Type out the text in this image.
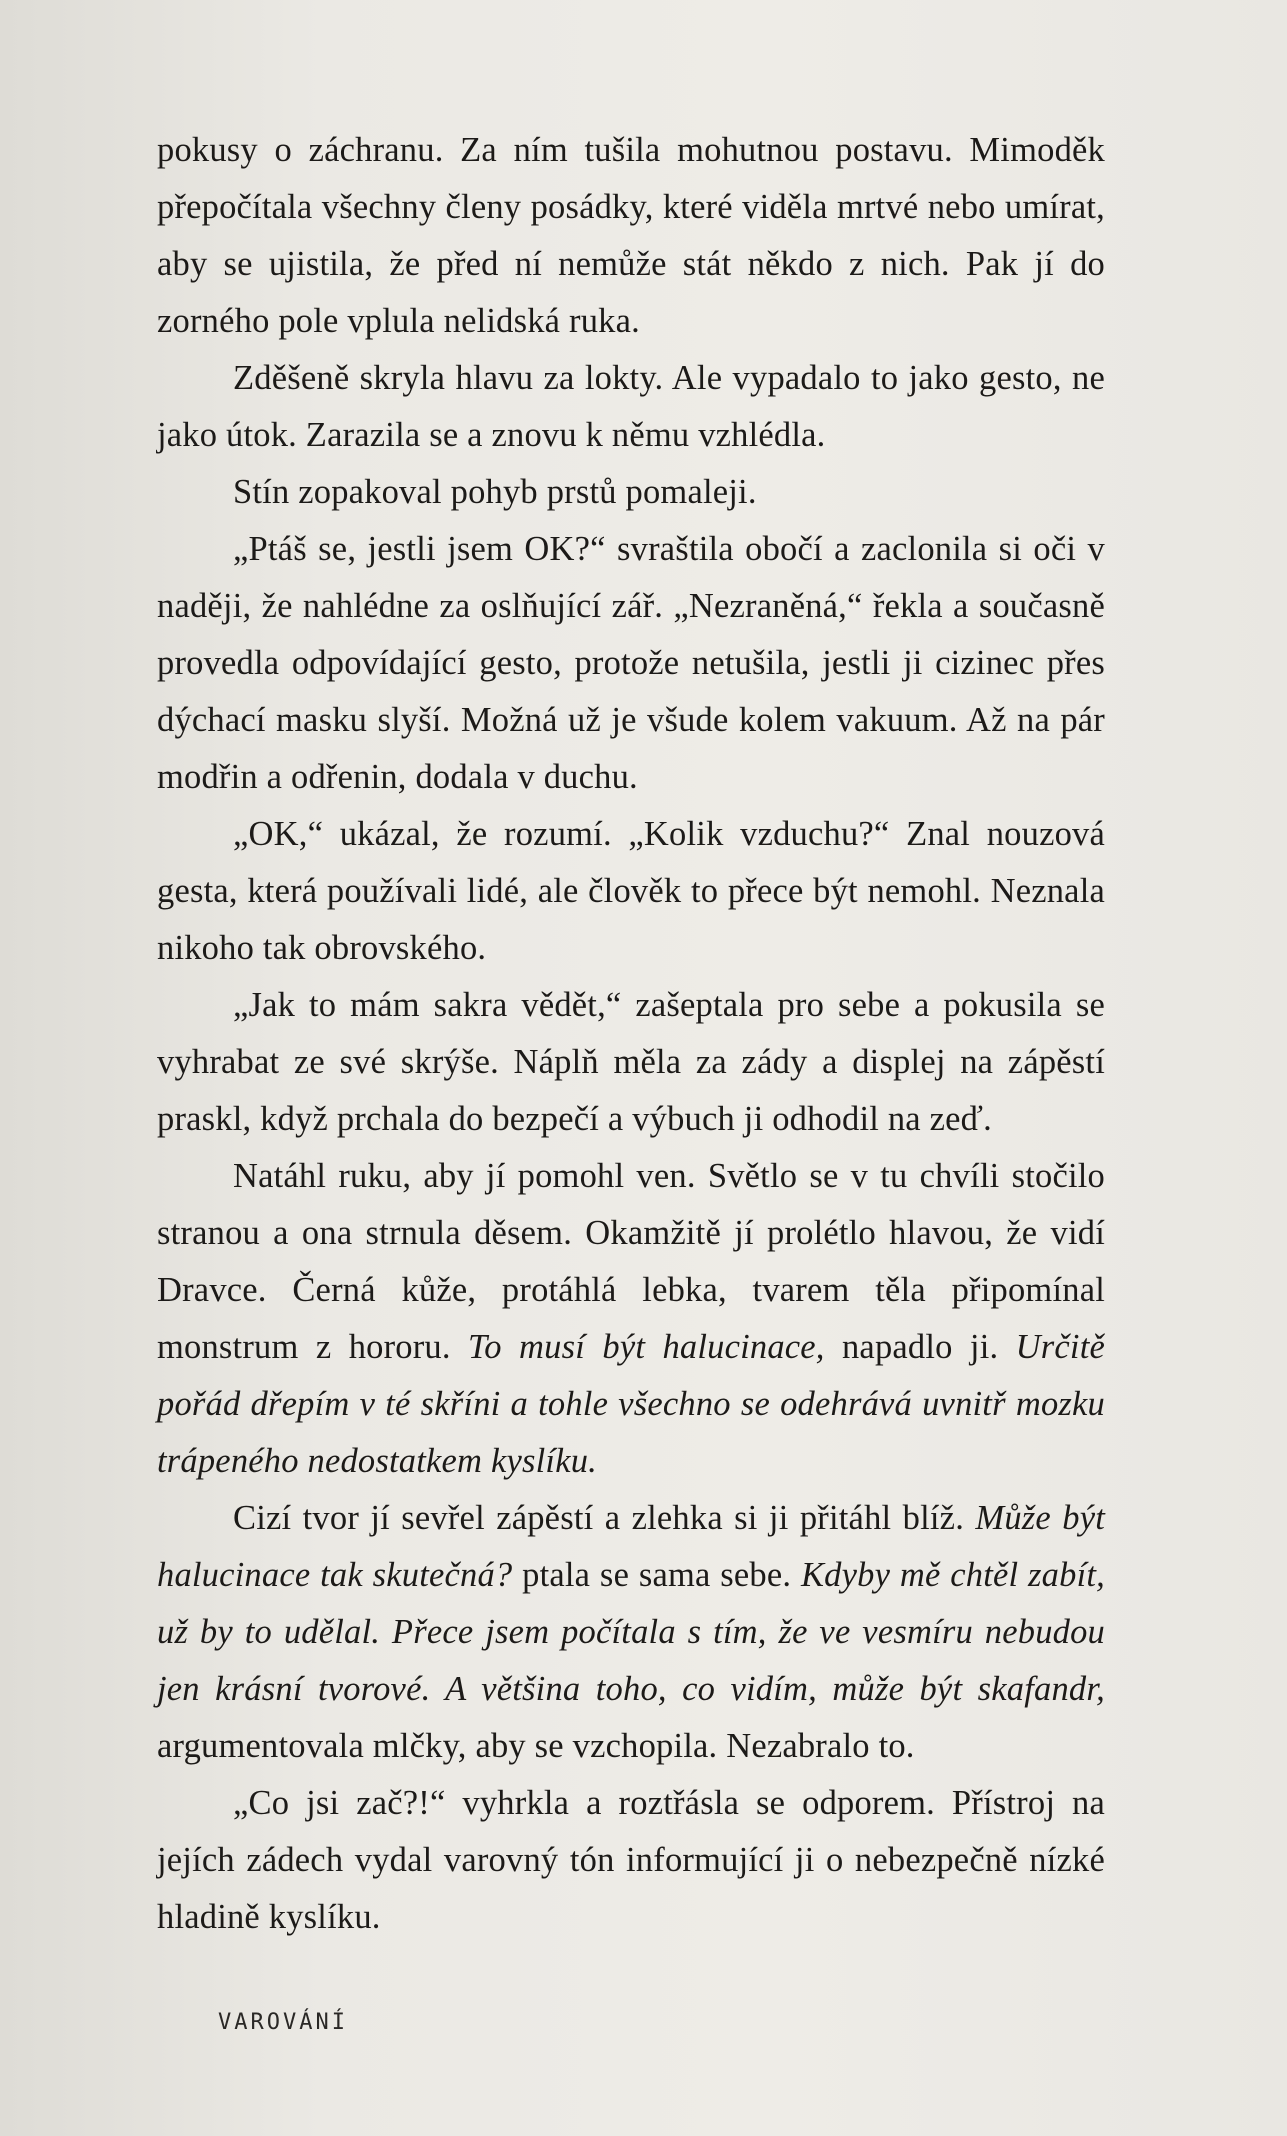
pokusy o záchranu. Za ním tušila mohutnou postavu. Mimoděk přepočítala všechny členy posádky, které viděla mrtvé nebo umírat, aby se ujistila, že před ní nemůže stát někdo z nich. Pak jí do zorného pole vplula nelidská ruka.

Zděšeně skryla hlavu za lokty. Ale vypadalo to jako gesto, ne jako útok. Zarazila se a znovu k němu vzhlédla.

Stín zopakoval pohyb prstů pomaleji.

„Ptáš se, jestli jsem OK?“ svraštila obočí a zaclonila si oči v naději, že nahlédne za oslňující zář. „Nezraněná,“ řekla a současně provedla odpovídající gesto, protože netušila, jestli ji cizinec přes dýchací masku slyší. Možná už je všude kolem vakuum. Až na pár modřin a odřenin, dodala v duchu.

„OK,“ ukázal, že rozumí. „Kolik vzduchu?“ Znal nouzová gesta, která používali lidé, ale člověk to přece být nemohl. Neznala nikoho tak obrovského.

„Jak to mám sakra vědět,“ zašeptala pro sebe a pokusila se vyhrabat ze své skrýše. Náplň měla za zády a displej na zápěstí praskl, když prchala do bezpečí a výbuch ji odhodil na zeď.

Natáhl ruku, aby jí pomohl ven. Světlo se v tu chvíli stočilo stranou a ona strnula děsem. Okamžitě jí prolétlo hlavou, že vidí Dravce. Černá kůže, protáhlá lebka, tvarem těla připomínal monstrum z hororu. To musí být halucinace, napadlo ji. Určitě pořád dřepím v té skříni a tohle všechno se odehrává uvnitř mozku trápeného nedostatkem kyslíku.

Cizí tvor jí sevřel zápěstí a zlehka si ji přitáhl blíž. Může být halucinace tak skutečná? ptala se sama sebe. Kdyby mě chtěl zabít, už by to udělal. Přece jsem počítala s tím, že ve vesmíru nebudou jen krásní tvorové. A většina toho, co vidím, může být skafandr, argumentovala mlčky, aby se vzchopila. Nezabralo to.

„Co jsi zač?!“ vyhrkla a roztřásla se odporem. Přístroj na jejích zádech vydal varovný tón informující ji o nebezpečně nízké hladině kyslíku.

VAROVÁNÍ
